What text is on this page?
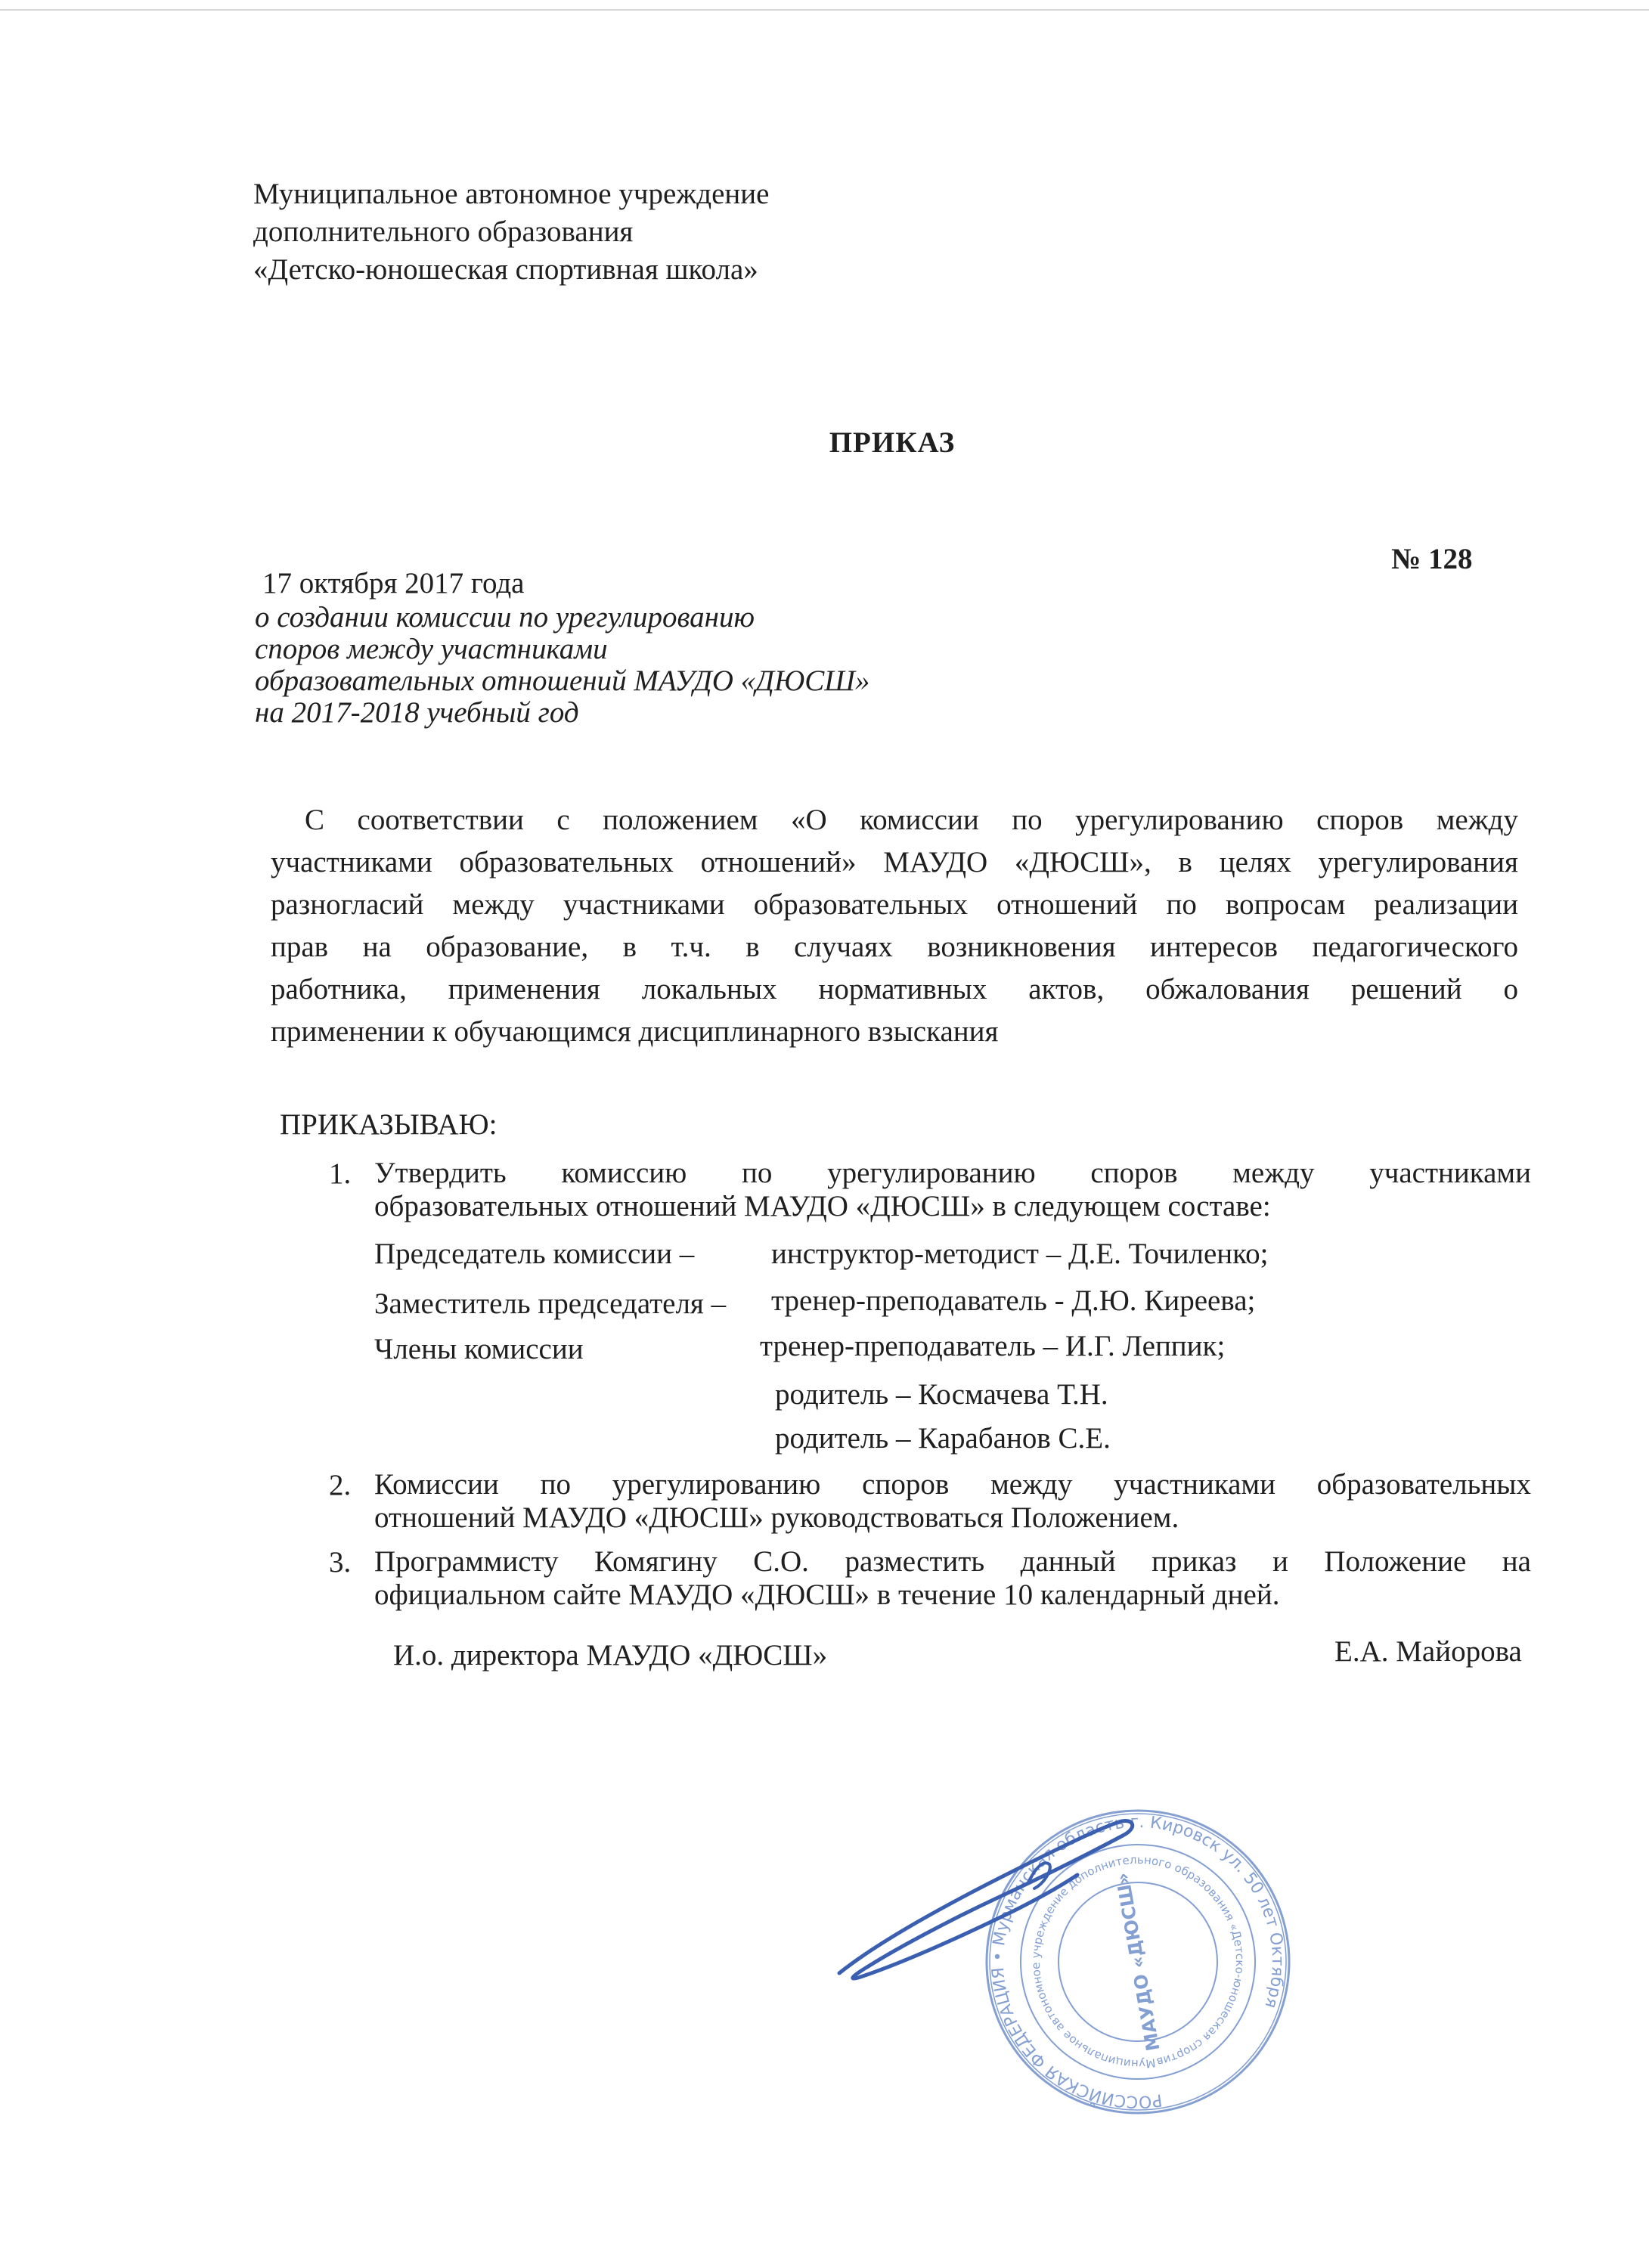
Муниципальное автономное учреждение
дополнительного образования
«Детско-юношеская спортивная школа»
ПРИКАЗ
№ 128
17 октября 2017 года
о создании комиссии по урегулированию
споров между участниками
образовательных отношений МАУДО «ДЮСШ»
на 2017-2018 учебный год
С соответствии с положением «О комиссии по урегулированию споров между
участниками образовательных отношений» МАУДО «ДЮСШ», в целях урегулирования
разногласий между участниками образовательных отношений по вопросам реализации
прав на образование, в т.ч. в случаях возникновения интересов педагогического
работника, применения локальных нормативных актов, обжалования решений о
применении к обучающимся дисциплинарного взыскания
ПРИКАЗЫВАЮ:
1. Утвердить комиссию по урегулированию споров между участниками
образовательных отношений МАУДО «ДЮСШ» в следующем составе:
Председатель комиссии –	инструктор-методист – Д.Е. Точиленко;
Заместитель председателя – тренер-преподаватель - Д.Ю. Киреева;
Члены комиссии	тренер-преподаватель – И.Г. Леппик;
родитель – Космачева Т.Н.
родитель – Карабанов С.Е.
2. Комиссии по урегулированию споров между участниками образовательных
отношений МАУДО «ДЮСШ» руководствоваться Положением.
3. Программисту Комягину С.О. разместить данный приказ и Положение на
официальном сайте МАУДО «ДЮСШ» в течение 10 календарный дней.
И.о. директора МАУДО «ДЮСШ»	Е.А. Майорова
РОССИЙСКАЯ ФЕДЕРАЦИЯ • Мурманская область г. Кировск ул. 50 лет Октября
Муниципальное автономное учреждение дополнительного образования «Детско-юношеская спортивная
МАУДО «ДЮСШ»
